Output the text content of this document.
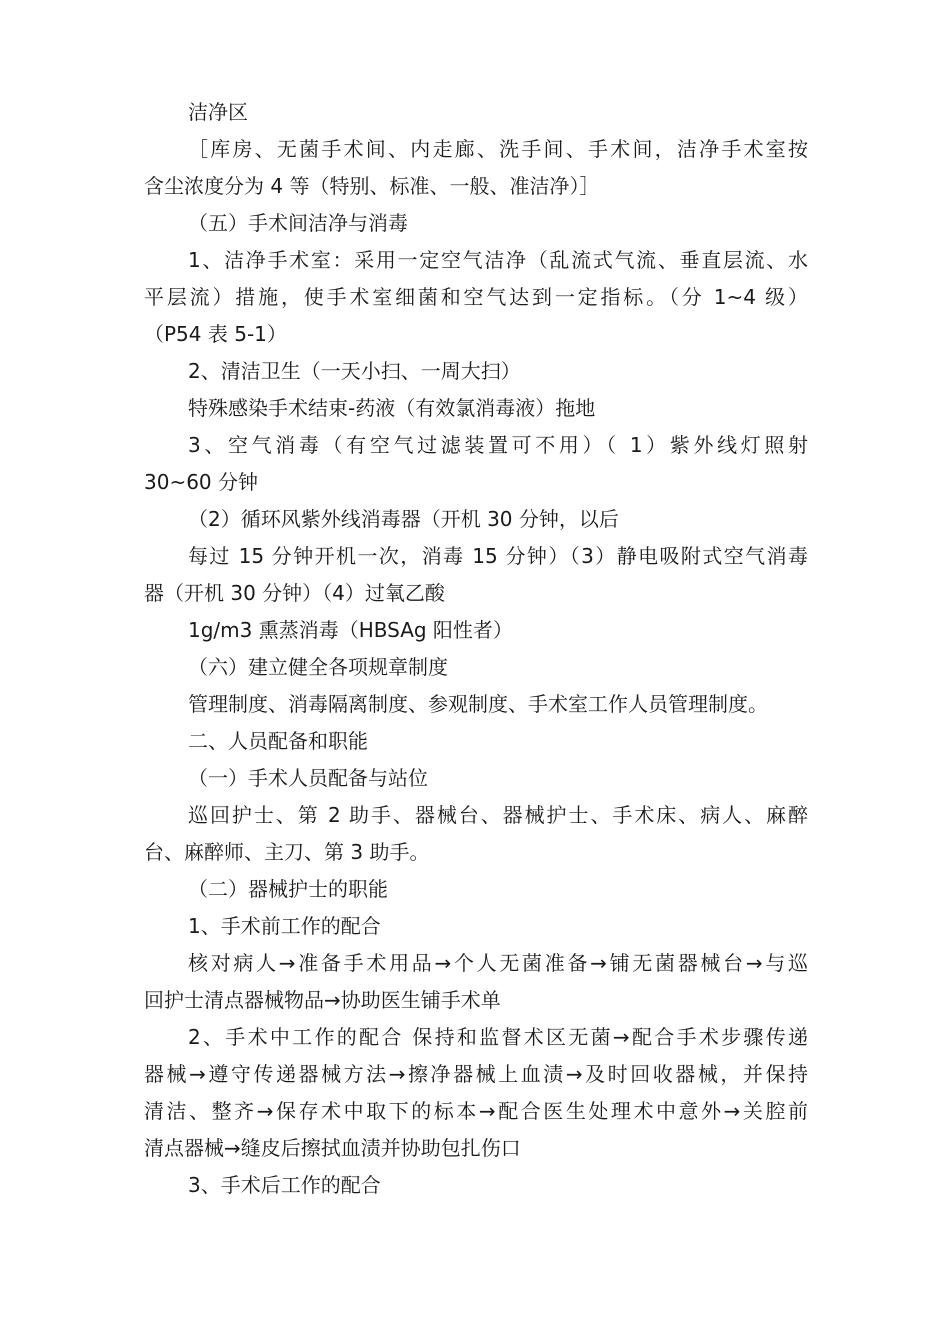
洁净区
［库房、无菌手术间、内走廊、洗手间、手术间，洁净手术室按
含尘浓度分为 4 等（特别、标准、一般、准洁净）］
（五）手术间洁净与消毒
1、洁净手术室：采用一定空气洁净（乱流式气流、垂直层流、水
平层流）措施，使手术室细菌和空气达到一定指标。（分 1~4 级）
（P54 表 5-1）
2、清洁卫生（一天小扫、一周大扫）
特殊感染手术结束-药液（有效氯消毒液）拖地
3、空气消毒（有空气过滤装置可不用）（ 1）紫外线灯照射
30~60 分钟
（2）循环风紫外线消毒器（开机 30 分钟，以后
每过 15 分钟开机一次，消毒 15 分钟）（3）静电吸附式空气消毒
器（开机 30 分钟）（4）过氧乙酸
1g/m3 熏蒸消毒（HBSAg 阳性者）
（六）建立健全各项规章制度
管理制度、消毒隔离制度、参观制度、手术室工作人员管理制度。
二、人员配备和职能
（一）手术人员配备与站位
巡回护士、第 2 助手、器械台、器械护士、手术床、病人、麻醉
台、麻醉师、主刀、第 3 助手。
（二）器械护士的职能
1、手术前工作的配合
核对病人→准备手术用品→个人无菌准备→铺无菌器械台→与巡
回护士清点器械物品→协助医生铺手术单
2、手术中工作的配合 保持和监督术区无菌→配合手术步骤传递
器械→遵守传递器械方法→擦净器械上血渍→及时回收器械，并保持
清洁、整齐→保存术中取下的标本→配合医生处理术中意外→关腔前
清点器械→缝皮后擦拭血渍并协助包扎伤口
3、手术后工作的配合
